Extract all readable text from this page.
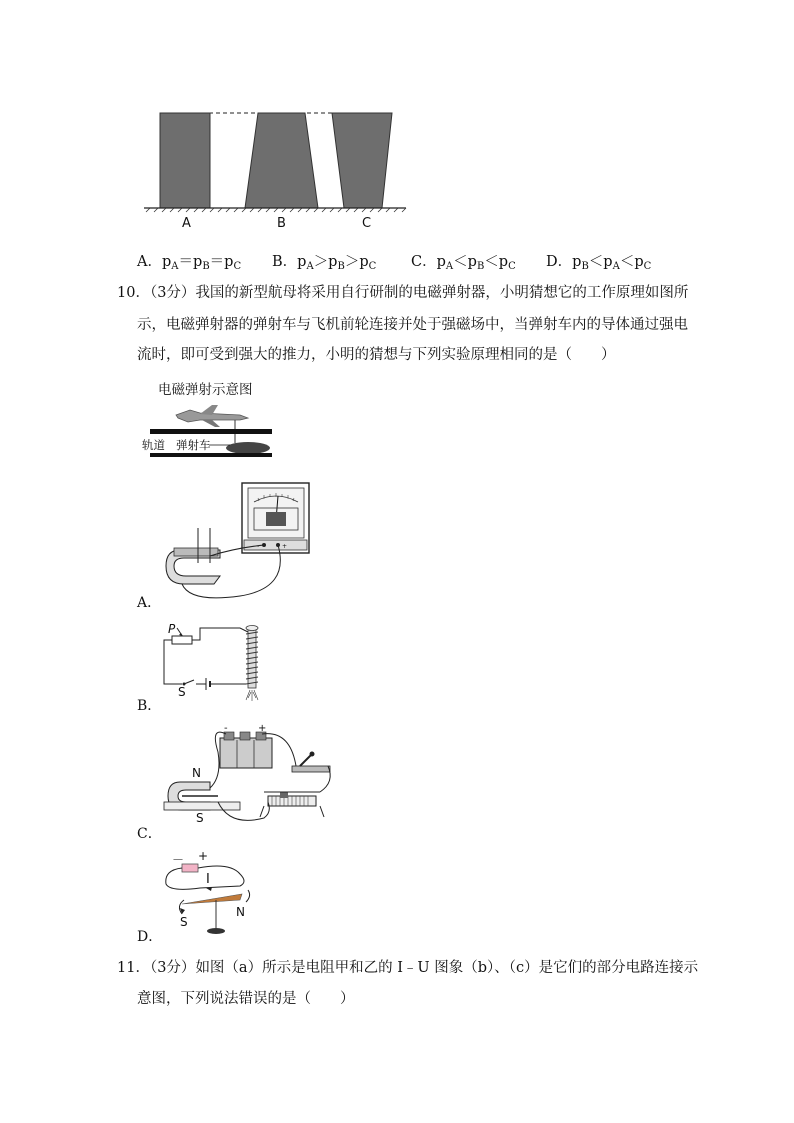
A	B	C
A．$p_A=p_B=p_C$ B．$p_A>p_B>p_C$ C．$p_A<p_B<p_C$ D．$p_B<p_A<p_C$
10．（3分）我国的新型航母将采用自行研制的电磁弹射器，小明猜想它的工作原理如图所
示，电磁弹射器的弹射车与飞机前轮连接并处于强磁场中，当弹射车内的导体通过强电
流时，即可受到强大的推力，小明的猜想与下列实验原理相同的是（　　）
电磁弹射示意图
轨道 弹射车
-	+
A．
P
S
B．
-	+
N
S
C．
－ +
I
S
N
D．
11．（3分）如图（a）所示是电阻甲和乙的 I﹣U 图象（b）、（c）是它们的部分电路连接示
意图，下列说法错误的是（　　）
